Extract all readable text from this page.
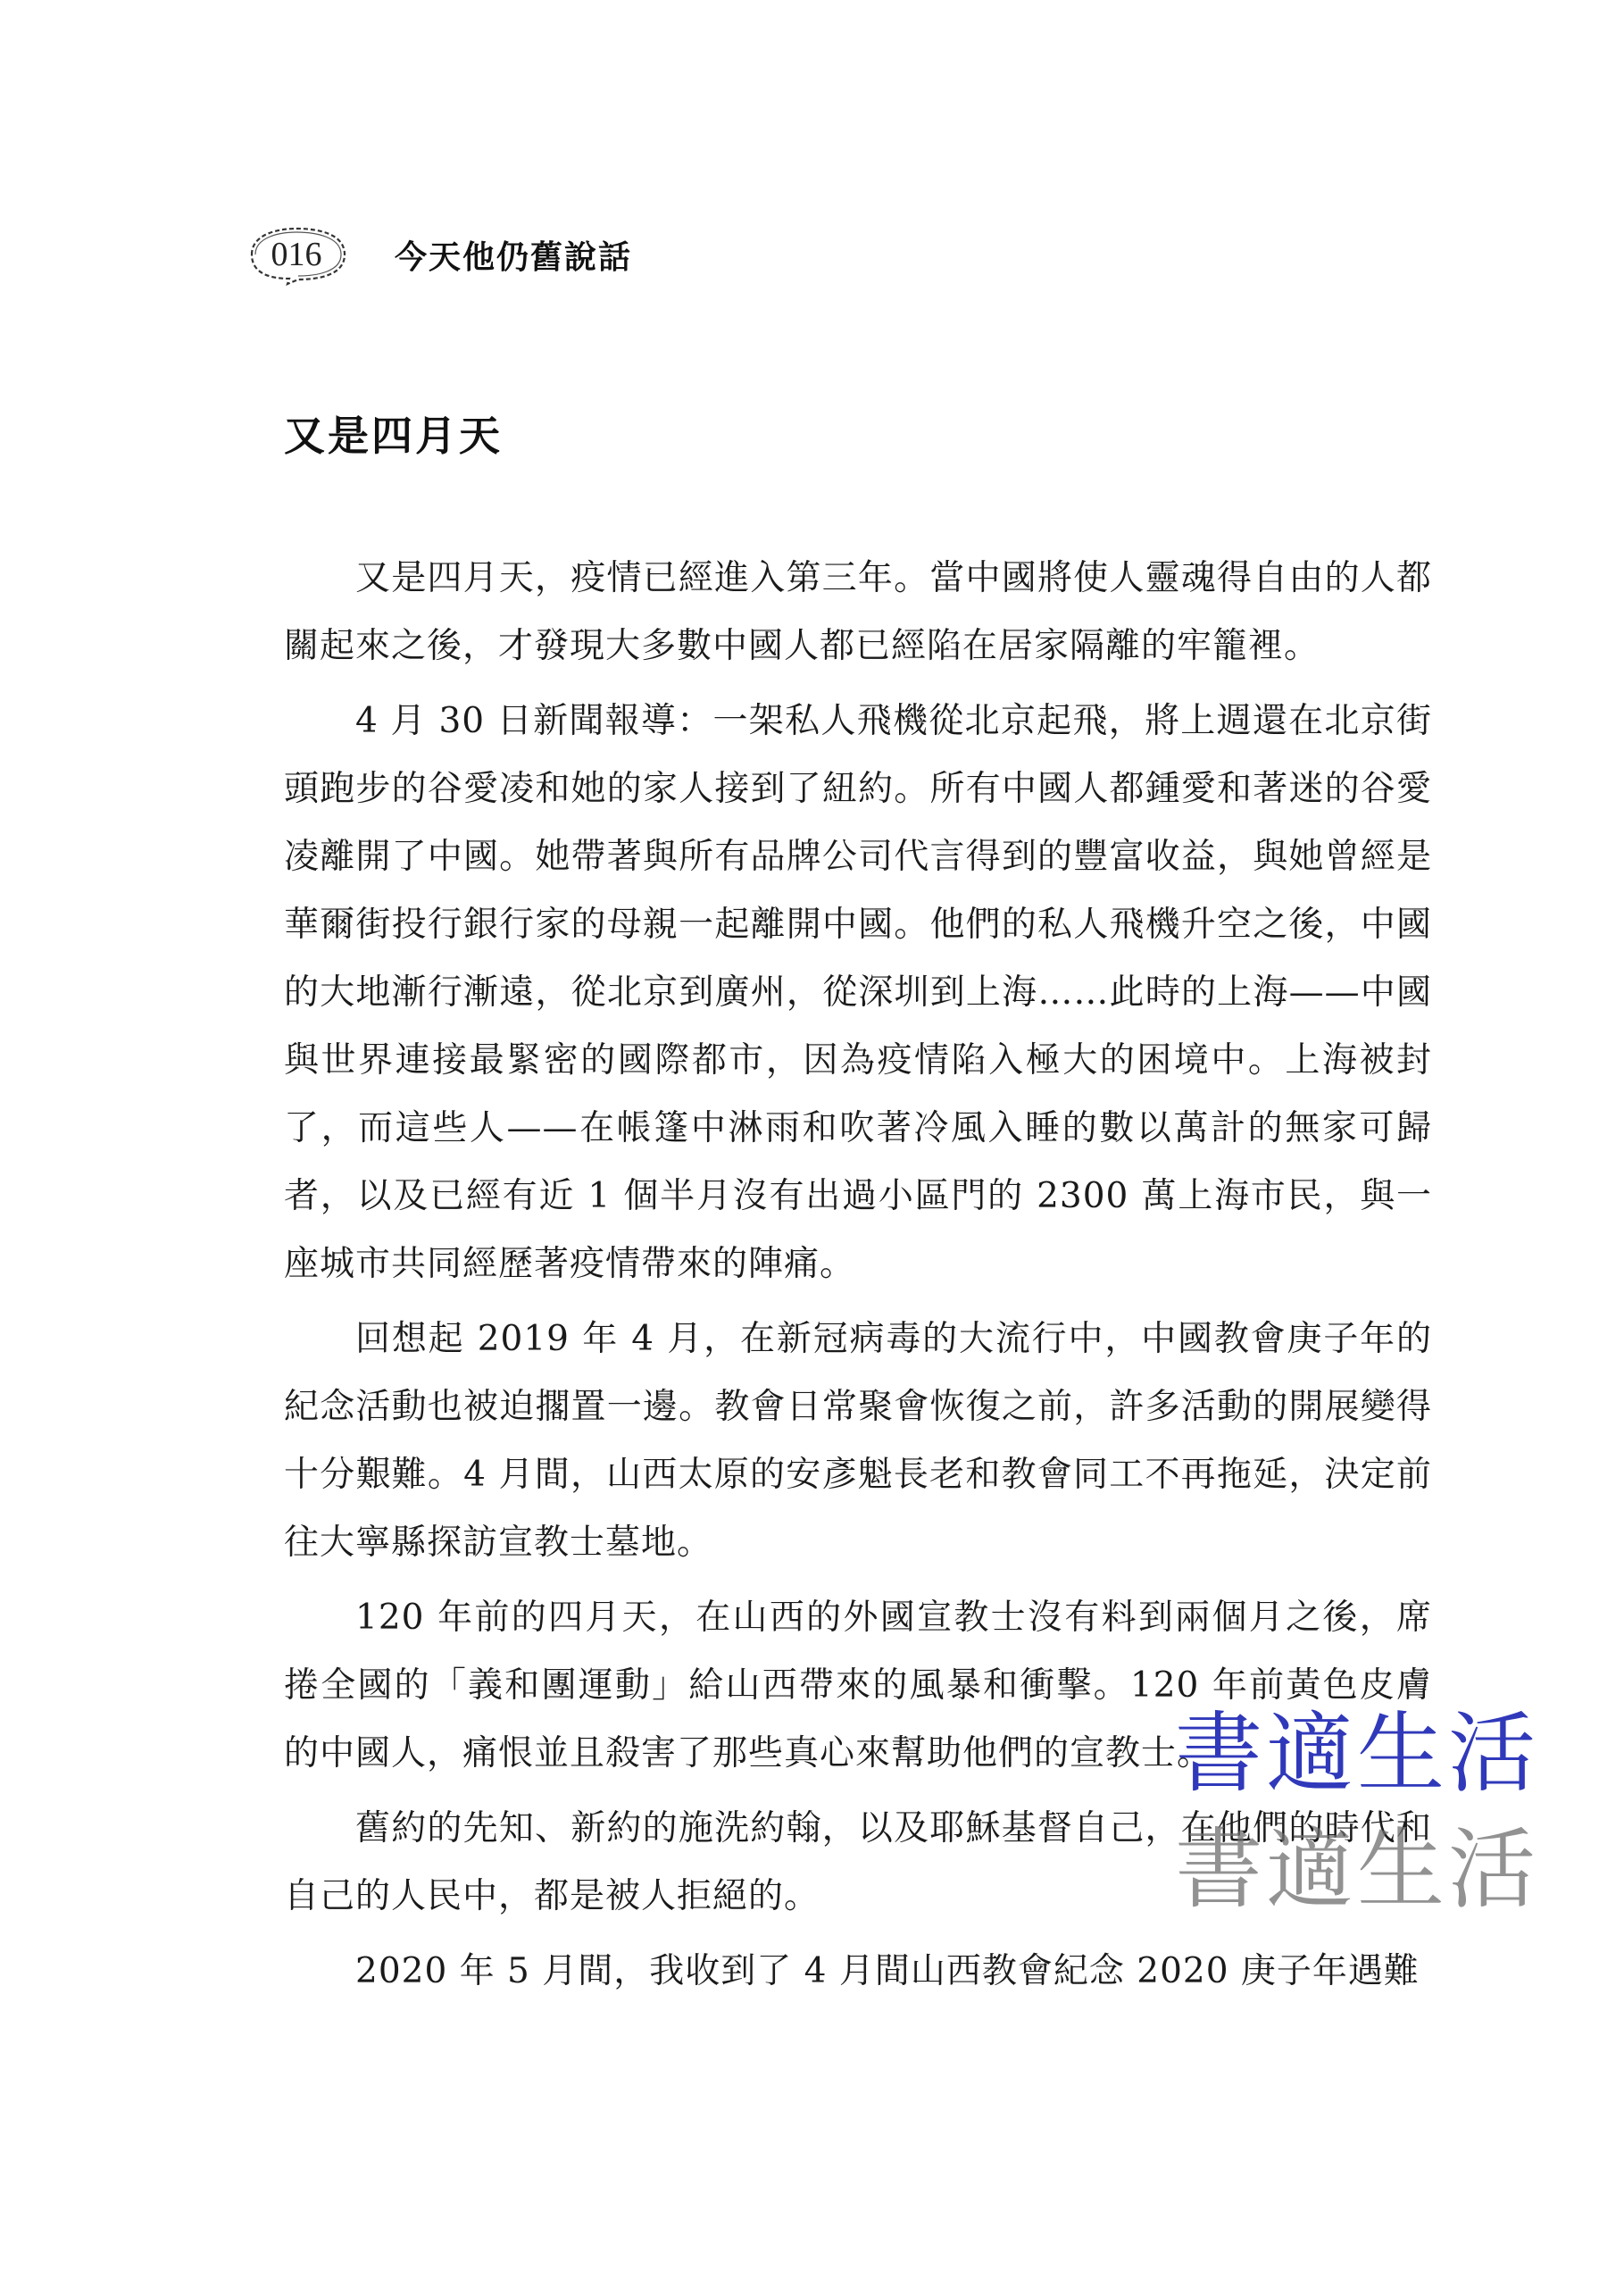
016	今天他仍舊說話
又是四月天

又是四月天，疫情已經進入第三年。當中國將使人靈魂得自由的人都關起來之後，才發現大多數中國人都已經陷在居家隔離的牢籠裡。

4 月 30 日新聞報導：一架私人飛機從北京起飛，將上週還在北京街頭跑步的谷愛凌和她的家人接到了紐約。所有中國人都鍾愛和著迷的谷愛凌離開了中國。她帶著與所有品牌公司代言得到的豐富收益，與她曾經是華爾街投行銀行家的母親一起離開中國。他們的私人飛機升空之後，中國的大地漸行漸遠，從北京到廣州，從深圳到上海……此時的上海——中國與世界連接最緊密的國際都市，因為疫情陷入極大的困境中。上海被封了，而這些人——在帳篷中淋雨和吹著冷風入睡的數以萬計的無家可歸者，以及已經有近 1 個半月沒有出過小區門的 2300 萬上海市民，與一座城市共同經歷著疫情帶來的陣痛。

回想起 2019 年 4 月，在新冠病毒的大流行中，中國教會庚子年的紀念活動也被迫擱置一邊。教會日常聚會恢復之前，許多活動的開展變得十分艱難。4 月間，山西太原的安彥魁長老和教會同工不再拖延，決定前往大寧縣探訪宣教士墓地。

120 年前的四月天，在山西的外國宣教士沒有料到兩個月之後，席捲全國的「義和團運動」給山西帶來的風暴和衝擊。120 年前黃色皮膚的中國人，痛恨並且殺害了那些真心來幫助他們的宣教士。

舊約的先知、新約的施洗約翰，以及耶穌基督自己，在他們的時代和自己的人民中，都是被人拒絕的。

2020 年 5 月間，我收到了 4 月間山西教會紀念 2020 庚子年遇難

書適生活
書適生活
